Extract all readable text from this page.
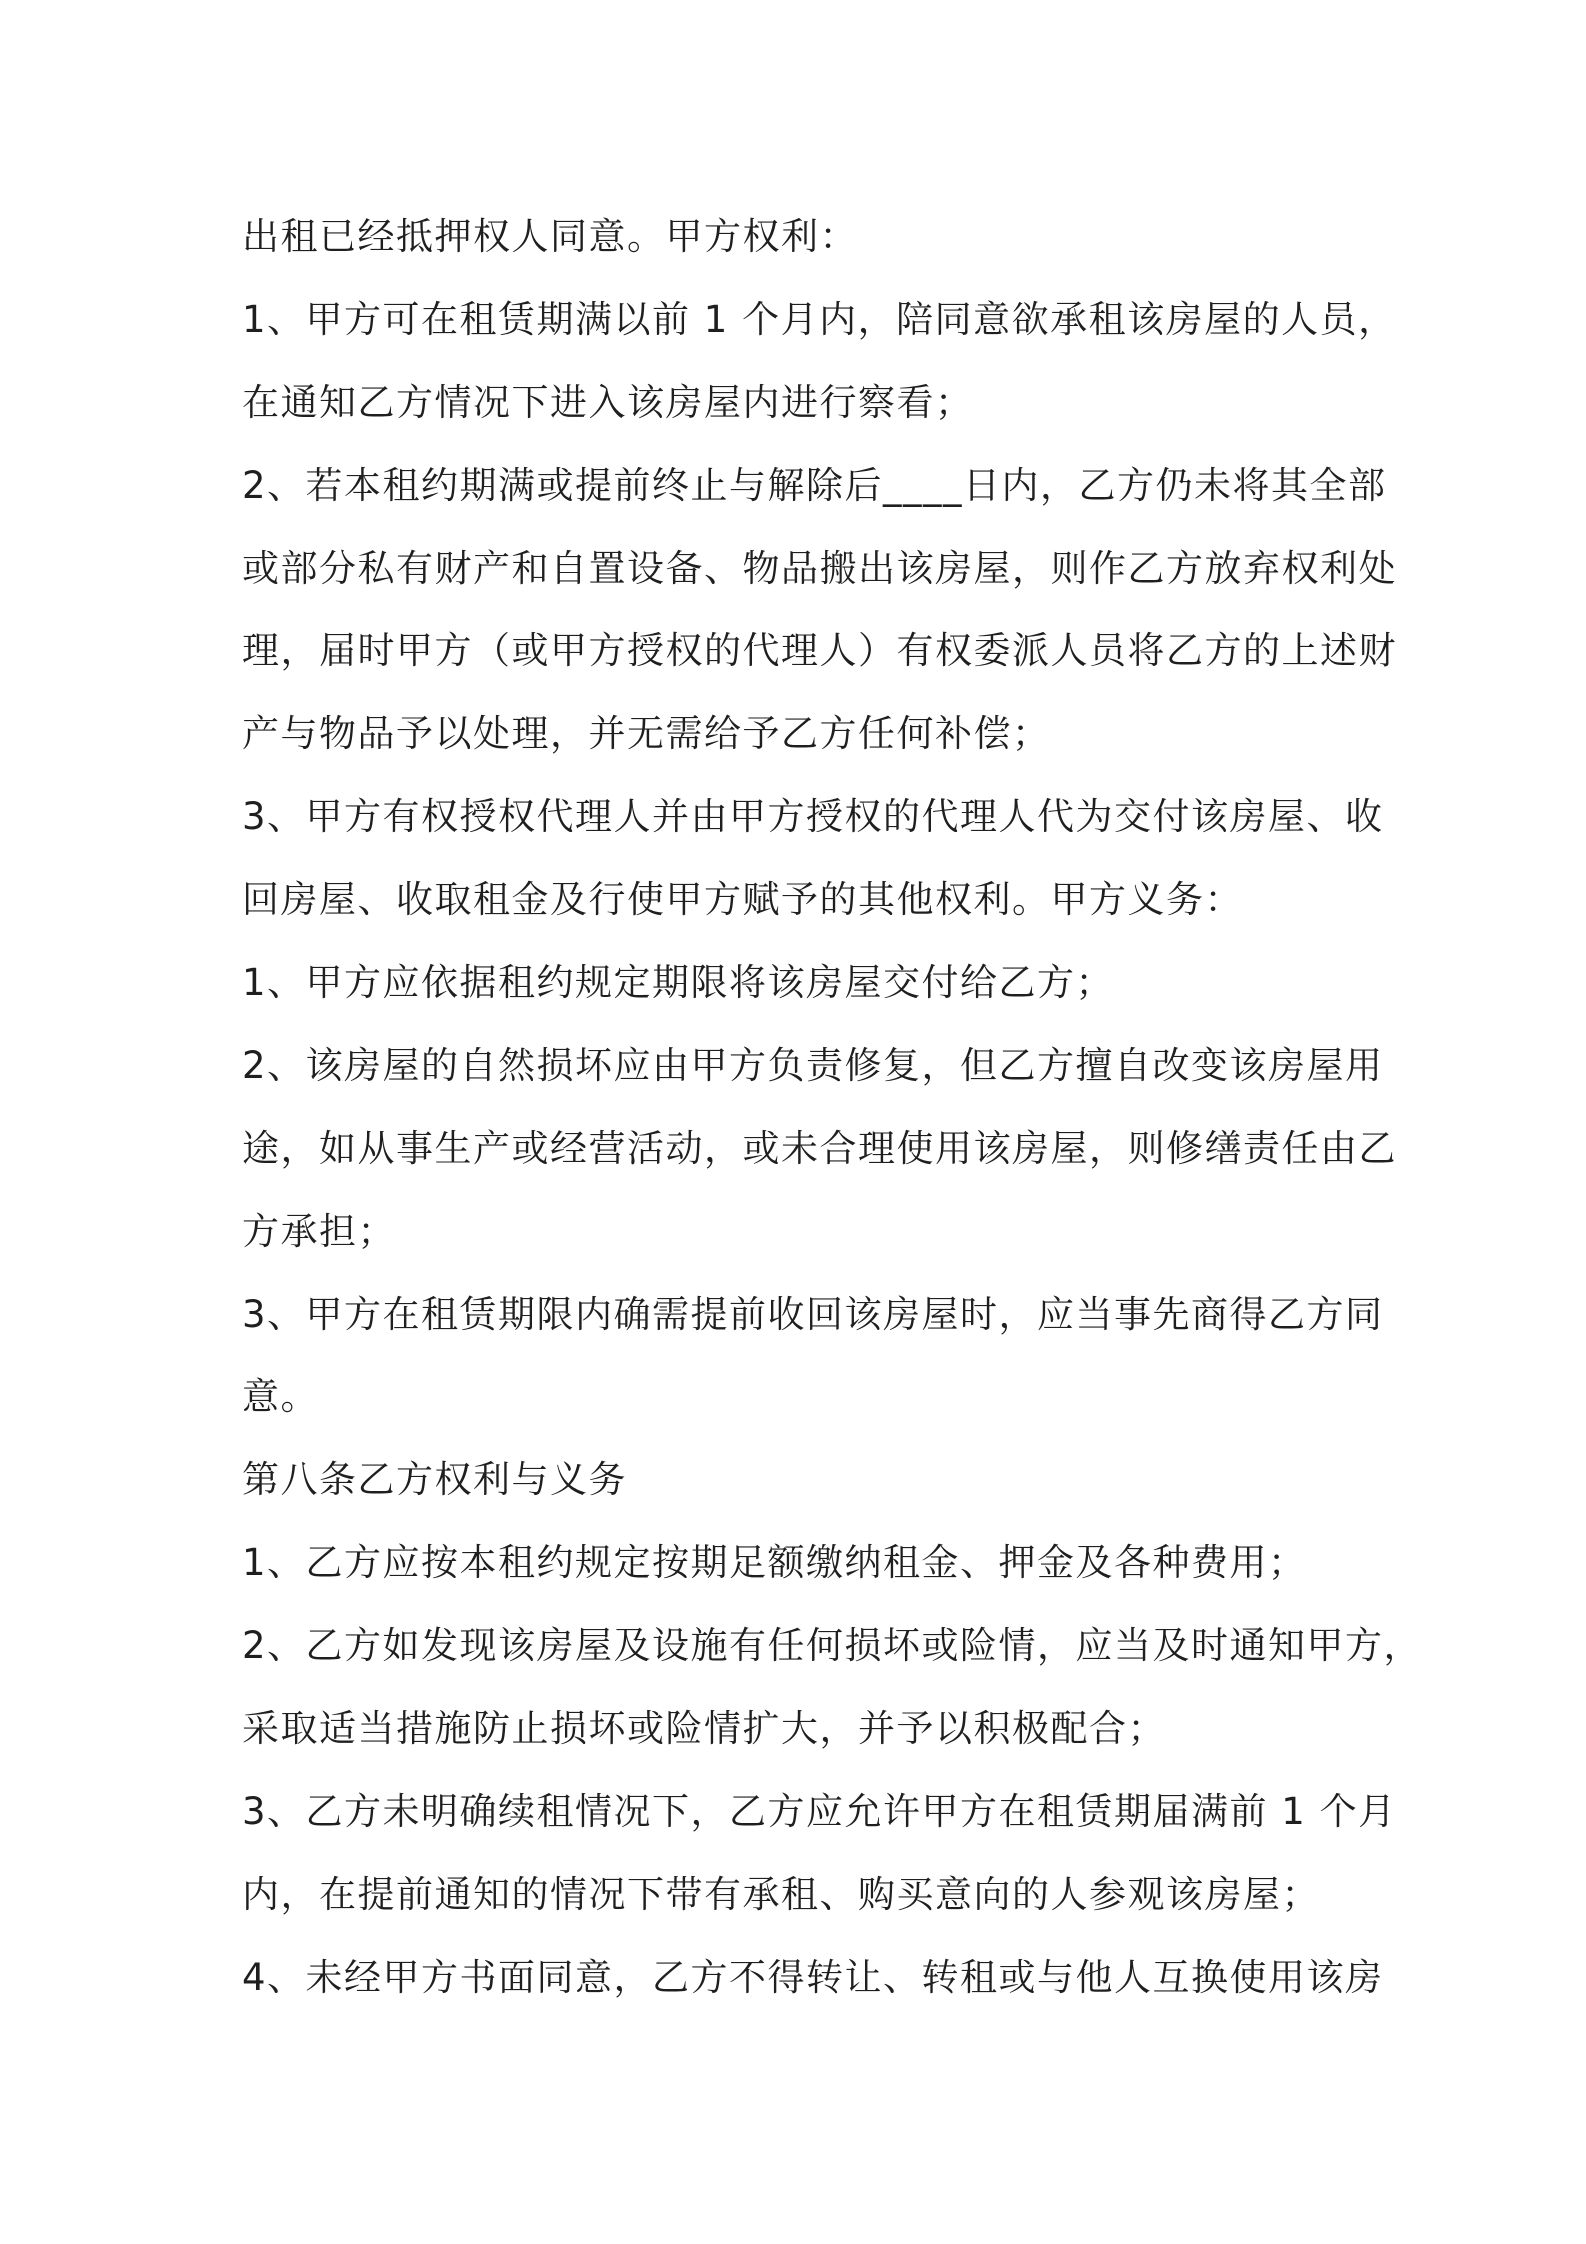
出租已经抵押权人同意。甲方权利：
1、甲方可在租赁期满以前 1 个月内，陪同意欲承租该房屋的人员，
在通知乙方情况下进入该房屋内进行察看；
2、若本租约期满或提前终止与解除后____日内，乙方仍未将其全部
或部分私有财产和自置设备、物品搬出该房屋，则作乙方放弃权利处
理，届时甲方（或甲方授权的代理人）有权委派人员将乙方的上述财
产与物品予以处理，并无需给予乙方任何补偿；
3、甲方有权授权代理人并由甲方授权的代理人代为交付该房屋、收
回房屋、收取租金及行使甲方赋予的其他权利。甲方义务：
1、甲方应依据租约规定期限将该房屋交付给乙方；
2、该房屋的自然损坏应由甲方负责修复，但乙方擅自改变该房屋用
途，如从事生产或经营活动，或未合理使用该房屋，则修缮责任由乙
方承担；
3、甲方在租赁期限内确需提前收回该房屋时，应当事先商得乙方同
意。
第八条乙方权利与义务
1、乙方应按本租约规定按期足额缴纳租金、押金及各种费用；
2、乙方如发现该房屋及设施有任何损坏或险情，应当及时通知甲方，
采取适当措施防止损坏或险情扩大，并予以积极配合；
3、乙方未明确续租情况下，乙方应允许甲方在租赁期届满前 1 个月
内，在提前通知的情况下带有承租、购买意向的人参观该房屋；
4、未经甲方书面同意，乙方不得转让、转租或与他人互换使用该房
